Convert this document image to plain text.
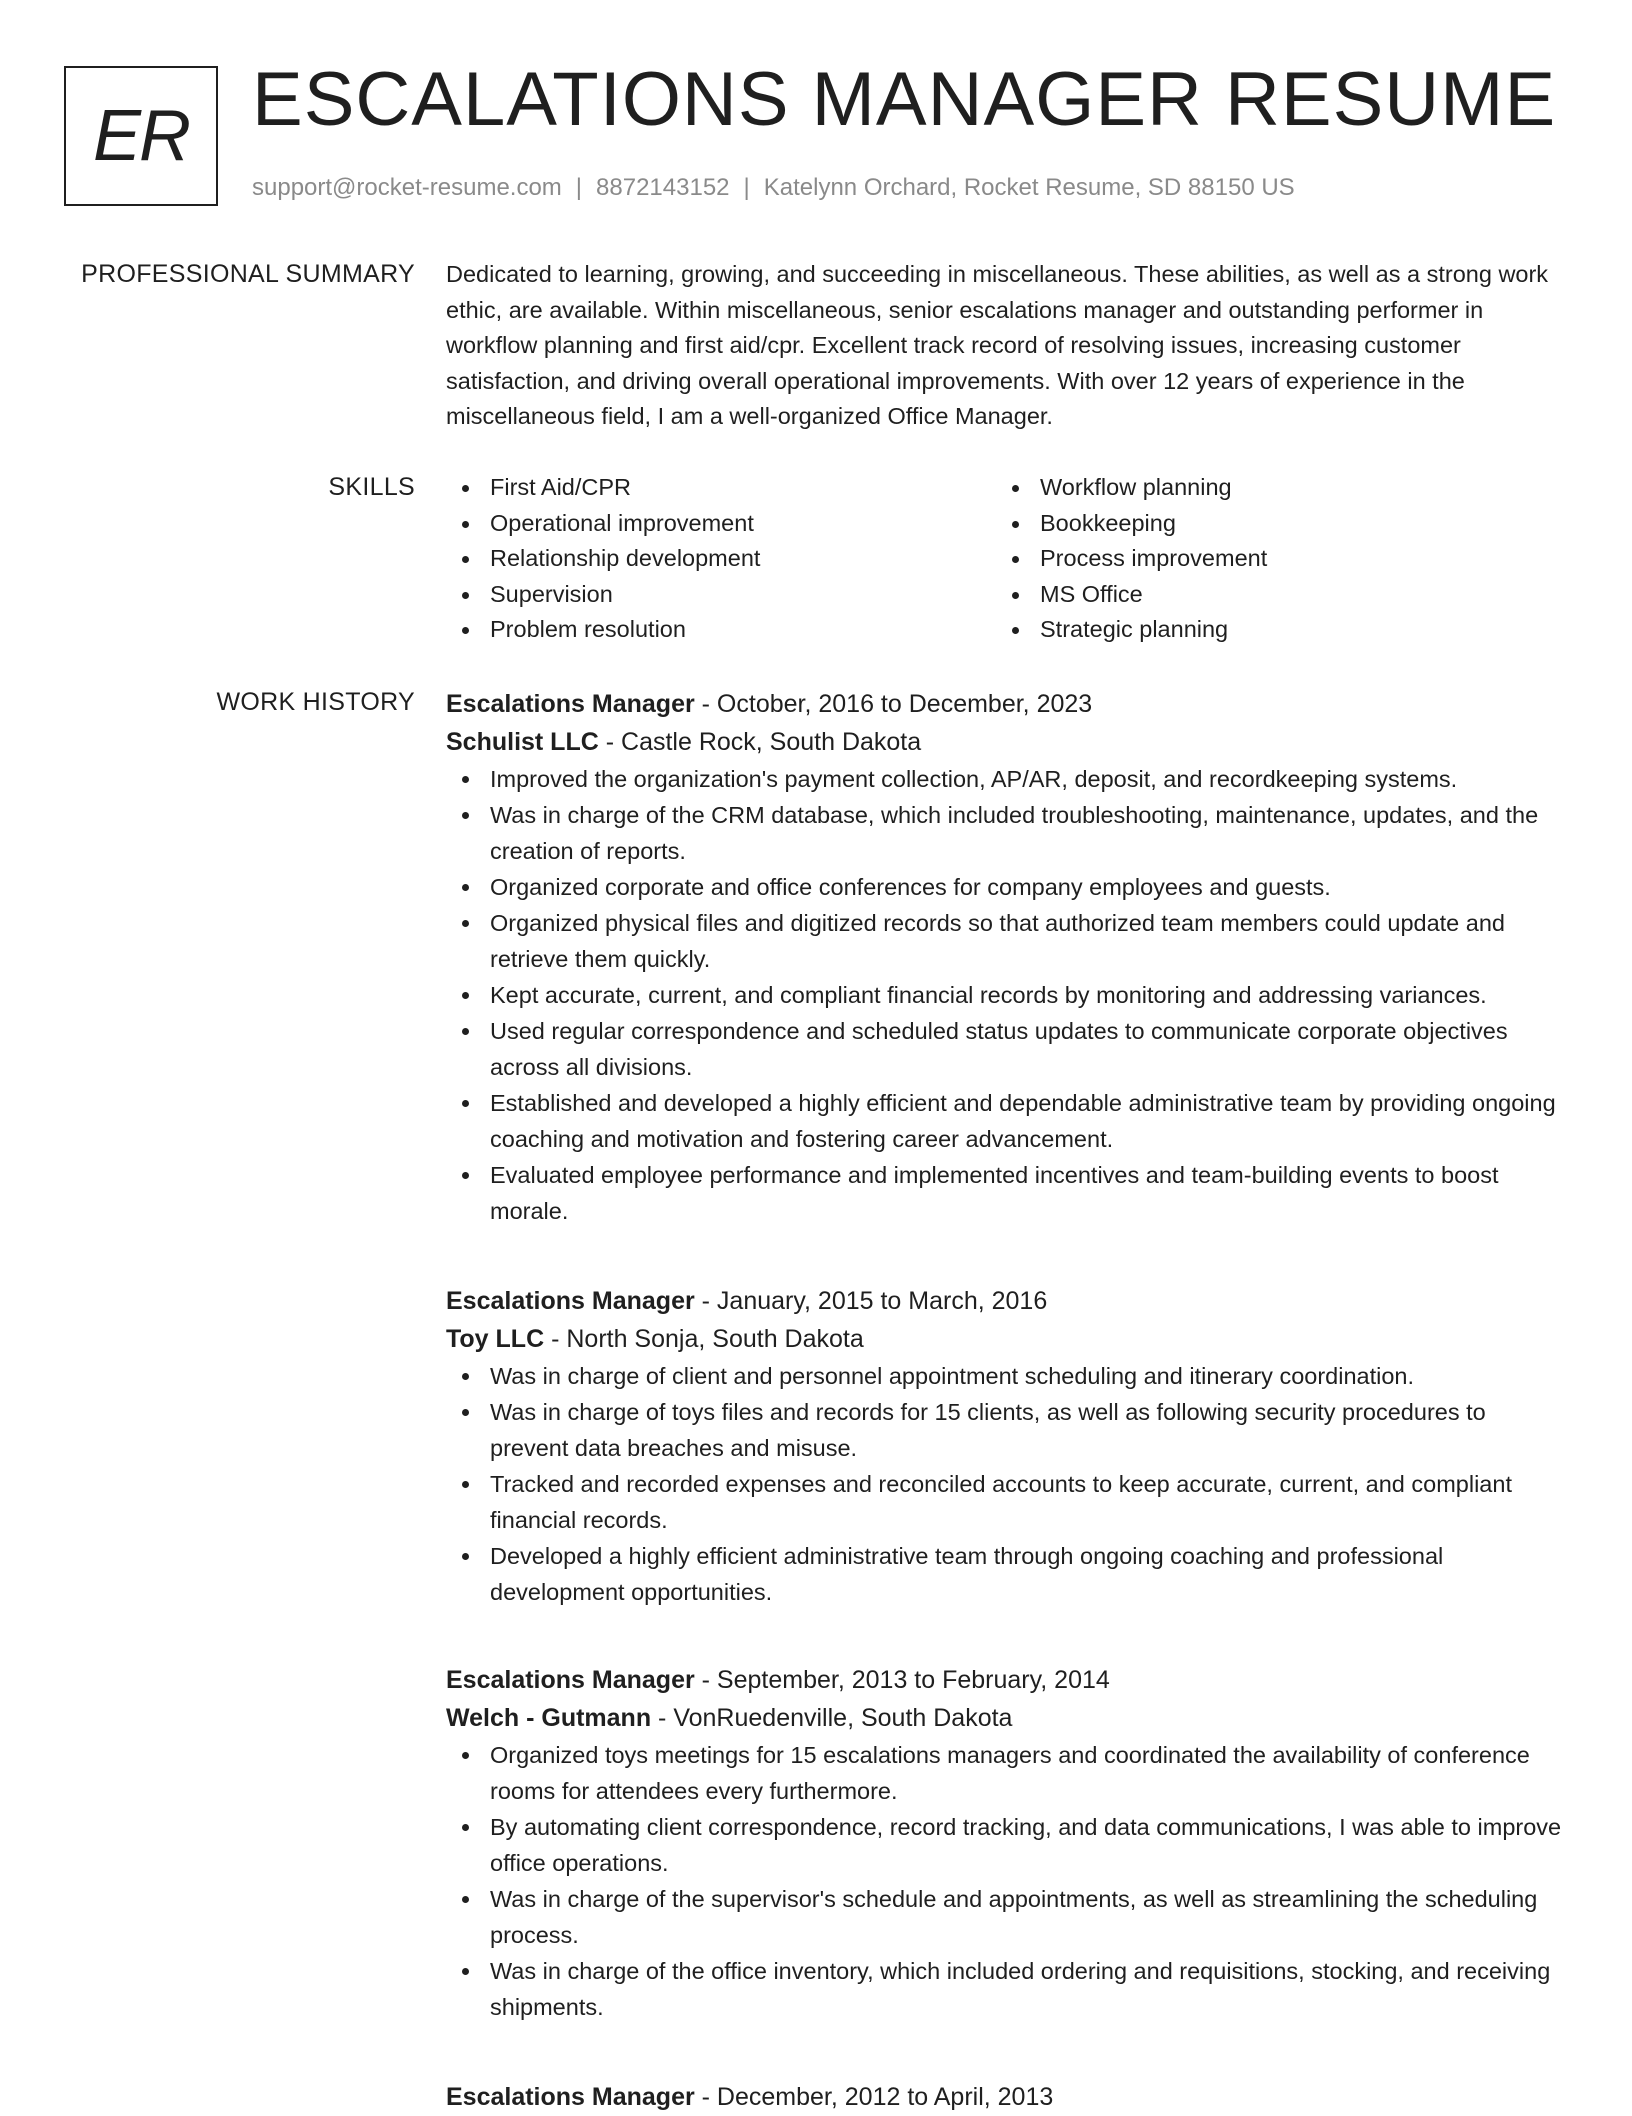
ER ESCALATIONS MANAGER RESUME
support@rocket-resume.com | 8872143152 | Katelynn Orchard, Rocket Resume, SD 88150 US
PROFESSIONAL SUMMARY Dedicated to learning, growing, and succeeding in miscellaneous. These abilities, as well as a strong work ethic, are available. Within miscellaneous, senior escalations manager and outstanding performer in workflow planning and first aid/cpr. Excellent track record of resolving issues, increasing customer satisfaction, and driving overall operational improvements. With over 12 years of experience in the miscellaneous field, I am a well-organized Office Manager.

SKILLS	First Aid/CPR
Operational improvement
Relationship development
Supervision
Problem resolution
Workflow planning
Bookkeeping
Process improvement
MS Office
Strategic planning
WORK HISTORY Escalations Manager - October, 2016 to December, 2023
Schulist LLC - Castle Rock, South Dakota
Improved the organization's payment collection, AP/AR, deposit, and recordkeeping systems.
Was in charge of the CRM database, which included troubleshooting, maintenance, updates, and the creation of reports.
Organized corporate and office conferences for company employees and guests.
Organized physical files and digitized records so that authorized team members could update and retrieve them quickly.
Kept accurate, current, and compliant financial records by monitoring and addressing variances.
Used regular correspondence and scheduled status updates to communicate corporate objectives across all divisions.
Established and developed a highly efficient and dependable administrative team by providing ongoing coaching and motivation and fostering career advancement.
Evaluated employee performance and implemented incentives and team-building events to boost morale.
Escalations Manager - January, 2015 to March, 2016
Toy LLC - North Sonja, South Dakota
Was in charge of client and personnel appointment scheduling and itinerary coordination.
Was in charge of toys files and records for 15 clients, as well as following security procedures to prevent data breaches and misuse.
Tracked and recorded expenses and reconciled accounts to keep accurate, current, and compliant financial records.
Developed a highly efficient administrative team through ongoing coaching and professional development opportunities.
Escalations Manager - September, 2013 to February, 2014
Welch - Gutmann - VonRuedenville, South Dakota
Organized toys meetings for 15 escalations managers and coordinated the availability of conference rooms for attendees every furthermore.
By automating client correspondence, record tracking, and data communications, I was able to improve office operations.
Was in charge of the supervisor's schedule and appointments, as well as streamlining the scheduling process.
Was in charge of the office inventory, which included ordering and requisitions, stocking, and receiving shipments.
Escalations Manager - December, 2012 to April, 2013
